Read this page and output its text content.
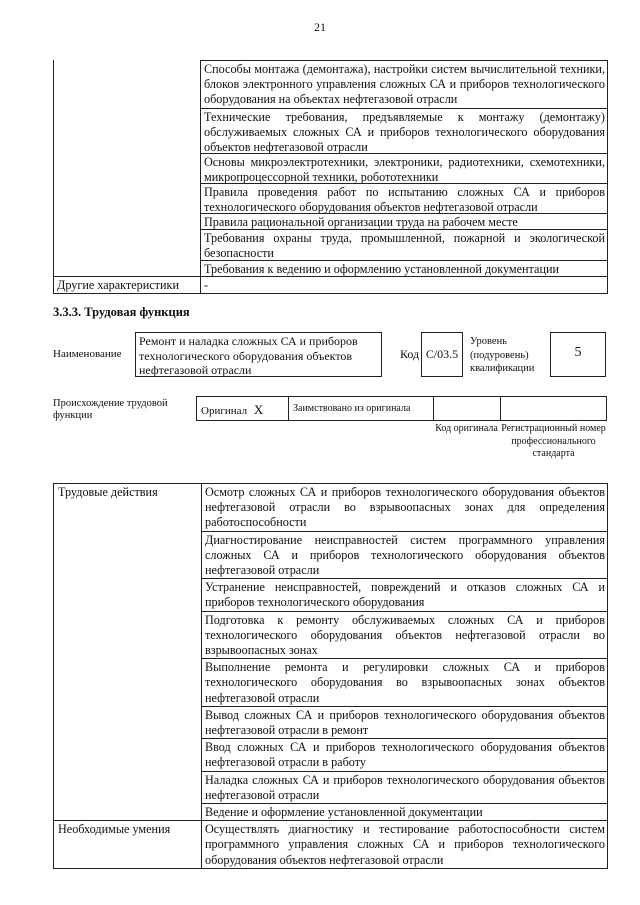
21
Способы монтажа (демонтажа), настройки систем вычислительной техники, блоков электронного управления сложных СА и приборов технологического оборудования на объектах нефтегазовой отрасли
Технические требования, предъявляемые к монтажу (демонтажу) обслуживаемых сложных СА и приборов технологического оборудования объектов нефтегазовой отрасли
Основы микроэлектротехники, электроники, радиотехники, схемотехники, микропроцессорной техники, робототехники
Правила проведения работ по испытанию сложных СА и приборов технологического оборудования объектов нефтегазовой отрасли
Правила рациональной организации труда на рабочем месте
Требования охраны труда, промышленной, пожарной и экологической безопасности
Требования к ведению и оформлению установленной документации
Другие характеристики	-
3.3.3. Трудовая функция
Наименование
Ремонт и наладка сложных СА и приборов технологического оборудования объектов нефтегазовой отрасли
Код С/03.5
Уровень (подуровень) квалификации
5
Происхождение трудовой функции	Оригинал X	Заимствовано из оригинала
Код оригинала Регистрационный номер профессионального стандарта
Трудовые действия	Осмотр сложных СА и приборов технологического оборудования объектов нефтегазовой отрасли во взрывоопасных зонах для определения работоспособности
	Диагностирование неисправностей систем программного управления сложных СА и приборов технологического оборудования объектов нефтегазовой отрасли
	Устранение неисправностей, повреждений и отказов сложных СА и приборов технологического оборудования
	Подготовка к ремонту обслуживаемых сложных СА и приборов технологического оборудования объектов нефтегазовой отрасли во взрывоопасных зонах
	Выполнение ремонта и регулировки сложных СА и приборов технологического оборудования во взрывоопасных зонах объектов нефтегазовой отрасли
	Вывод сложных СА и приборов технологического оборудования объектов нефтегазовой отрасли в ремонт
	Ввод сложных СА и приборов технологического оборудования объектов нефтегазовой отрасли в работу
	Наладка сложных СА и приборов технологического оборудования объектов нефтегазовой отрасли
	Ведение и оформление установленной документации
Необходимые умения	Осуществлять диагностику и тестирование работоспособности систем программного управления сложных СА и приборов технологического оборудования объектов нефтегазовой отрасли
